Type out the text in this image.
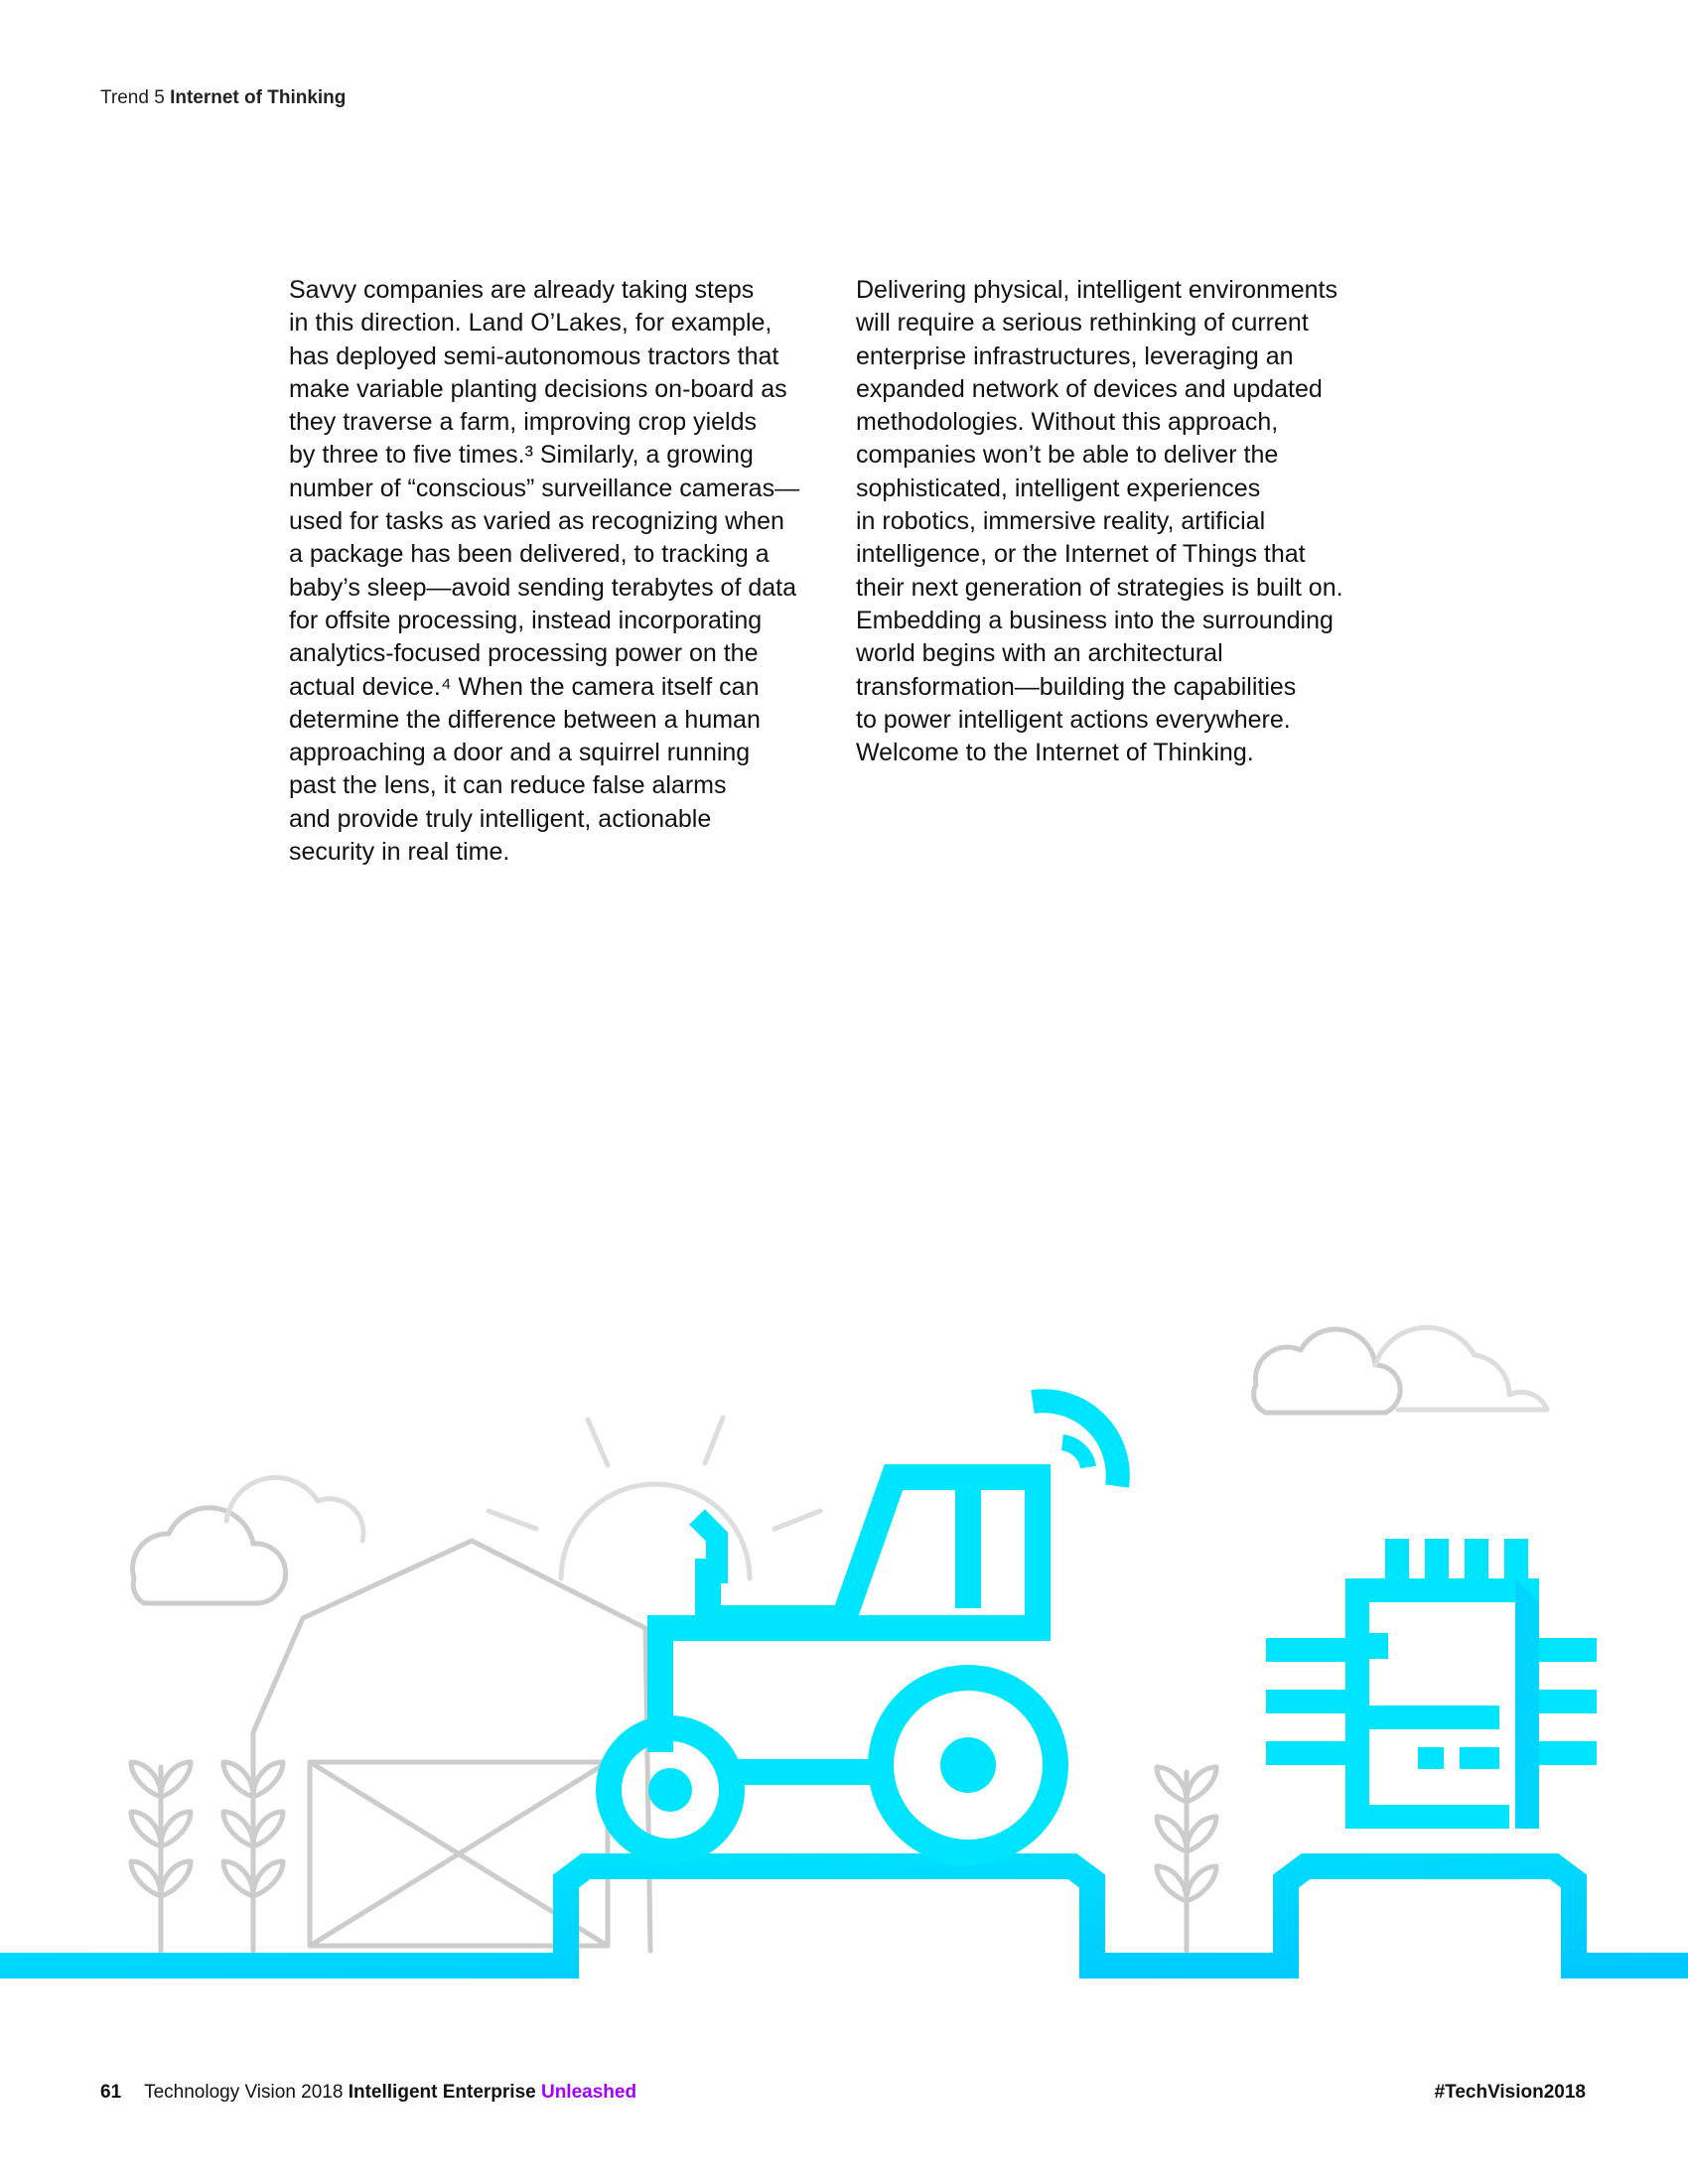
Trend 5 Internet of Thinking
Savvy companies are already taking steps
in this direction. Land O’Lakes, for example,
has deployed semi-autonomous tractors that
make variable planting decisions on-board as
they traverse a farm, improving crop yields
by three to five times.³ Similarly, a growing
number of “conscious” surveillance cameras—
used for tasks as varied as recognizing when
a package has been delivered, to tracking a
baby’s sleep—avoid sending terabytes of data
for offsite processing, instead incorporating
analytics-focused processing power on the
actual device.⁴ When the camera itself can
determine the difference between a human
approaching a door and a squirrel running
past the lens, it can reduce false alarms
and provide truly intelligent, actionable
security in real time.
Delivering physical, intelligent environments
will require a serious rethinking of current
enterprise infrastructures, leveraging an
expanded network of devices and updated
methodologies. Without this approach,
companies won’t be able to deliver the
sophisticated, intelligent experiences
in robotics, immersive reality, artificial
intelligence, or the Internet of Things that
their next generation of strategies is built on.
Embedding a business into the surrounding
world begins with an architectural
transformation—building the capabilities
to power intelligent actions everywhere.
Welcome to the Internet of Thinking.
61 Technology Vision 2018 Intelligent Enterprise Unleashed	#TechVision2018
